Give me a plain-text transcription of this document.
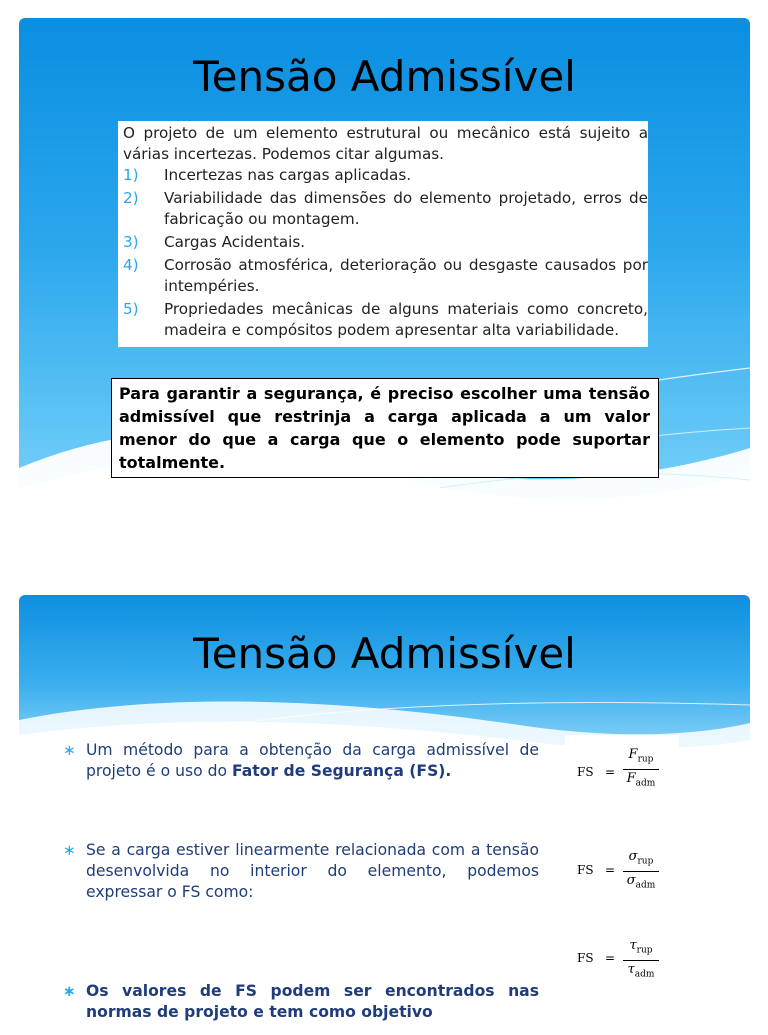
Tensão Admissível

O projeto de um elemento estrutural ou mecânico está sujeito a várias incertezas. Podemos citar algumas.

1)	Incertezas nas cargas aplicadas.
2)	Variabilidade das dimensões do elemento projetado, erros de fabricação ou montagem.
3)	Cargas Acidentais.
4)	Corrosão atmosférica, deterioração ou desgaste causados por intempéries.
5)	Propriedades mecânicas de alguns materiais como concreto, madeira e compósitos podem apresentar alta variabilidade.
Para garantir a segurança, é preciso escolher uma tensão admissível que restrinja a carga aplicada a um valor menor do que a carga que o elemento pode suportar totalmente.
Tensão Admissível
∗ Um método para a obtenção da carga admissível de projeto é o uso do Fator de Segurança (FS).
∗ Se a carga estiver linearmente relacionada com a tensão desenvolvida no interior do elemento, podemos expressar o FS como:
∗ Os valores de FS podem ser encontrados nas normas de projeto e tem como objetivo
FS =
$F_{rup}$
$F_{adm}$
FS =
$\sigma_{rup}$
$\sigma_{adm}$
FS =
$\tau_{rup}$
$\tau_{adm}$
